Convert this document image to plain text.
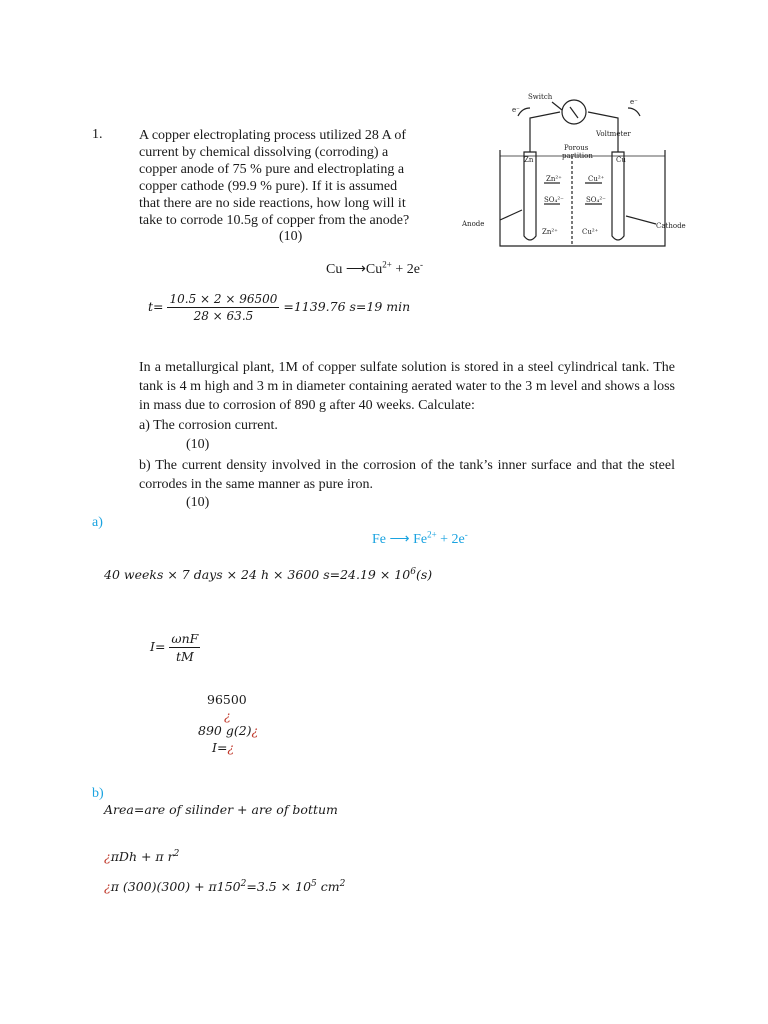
1.	A copper electroplating process utilized 28 A of
current by chemical dissolving (corroding) a
copper anode of 75 % pure and electroplating a
copper cathode (99.9 % pure). If it is assumed
that there are no side reactions, how long will it
take to corrode 10.5g of copper from the anode?
(10)
Cu $⟶Cu^{2+} + 2e^-$
$t= \frac{10.5 \times 2 \times 96500}{28 \times 63.5} =1139.76$ s=19 min
Switch
Voltmeter
Porous
partition
Zn	Cu
Anode	Cathode
Zn²⁺	Cu²⁺
SO₄²⁻	SO₄²⁻
Zn²⁺	Cu²⁺
e⁻
e⁻
In a metallurgical plant, 1M of copper sulfate solution is stored in a steel cylindrical tank. The tank is 4 m high and 3 m in diameter containing aerated water to the 3 m level and shows a loss in mass due to corrosion of 890 g after 40 weeks. Calculate:
a) The corrosion current.
(10)
b) The current density involved in the corrosion of the tank’s inner surface and that the steel corrodes in the same manner as pure iron.
(10)
a)
Fe ⟶ $Fe^{2+} + 2e^-$
40 weeks × 7 days × 24 h × 3600 $s=24.19 \times 10^6(s)$
$I= \frac{\text{ωnF}}{tM}$
96500
¿
890 g(2)¿
I=¿
b)
Area=are of silinder + are of bottum
¿πDh + π $r^2$
¿π $(300)(300) + \pi 150^2=3.5 \times 10^5$ $cm^2$
